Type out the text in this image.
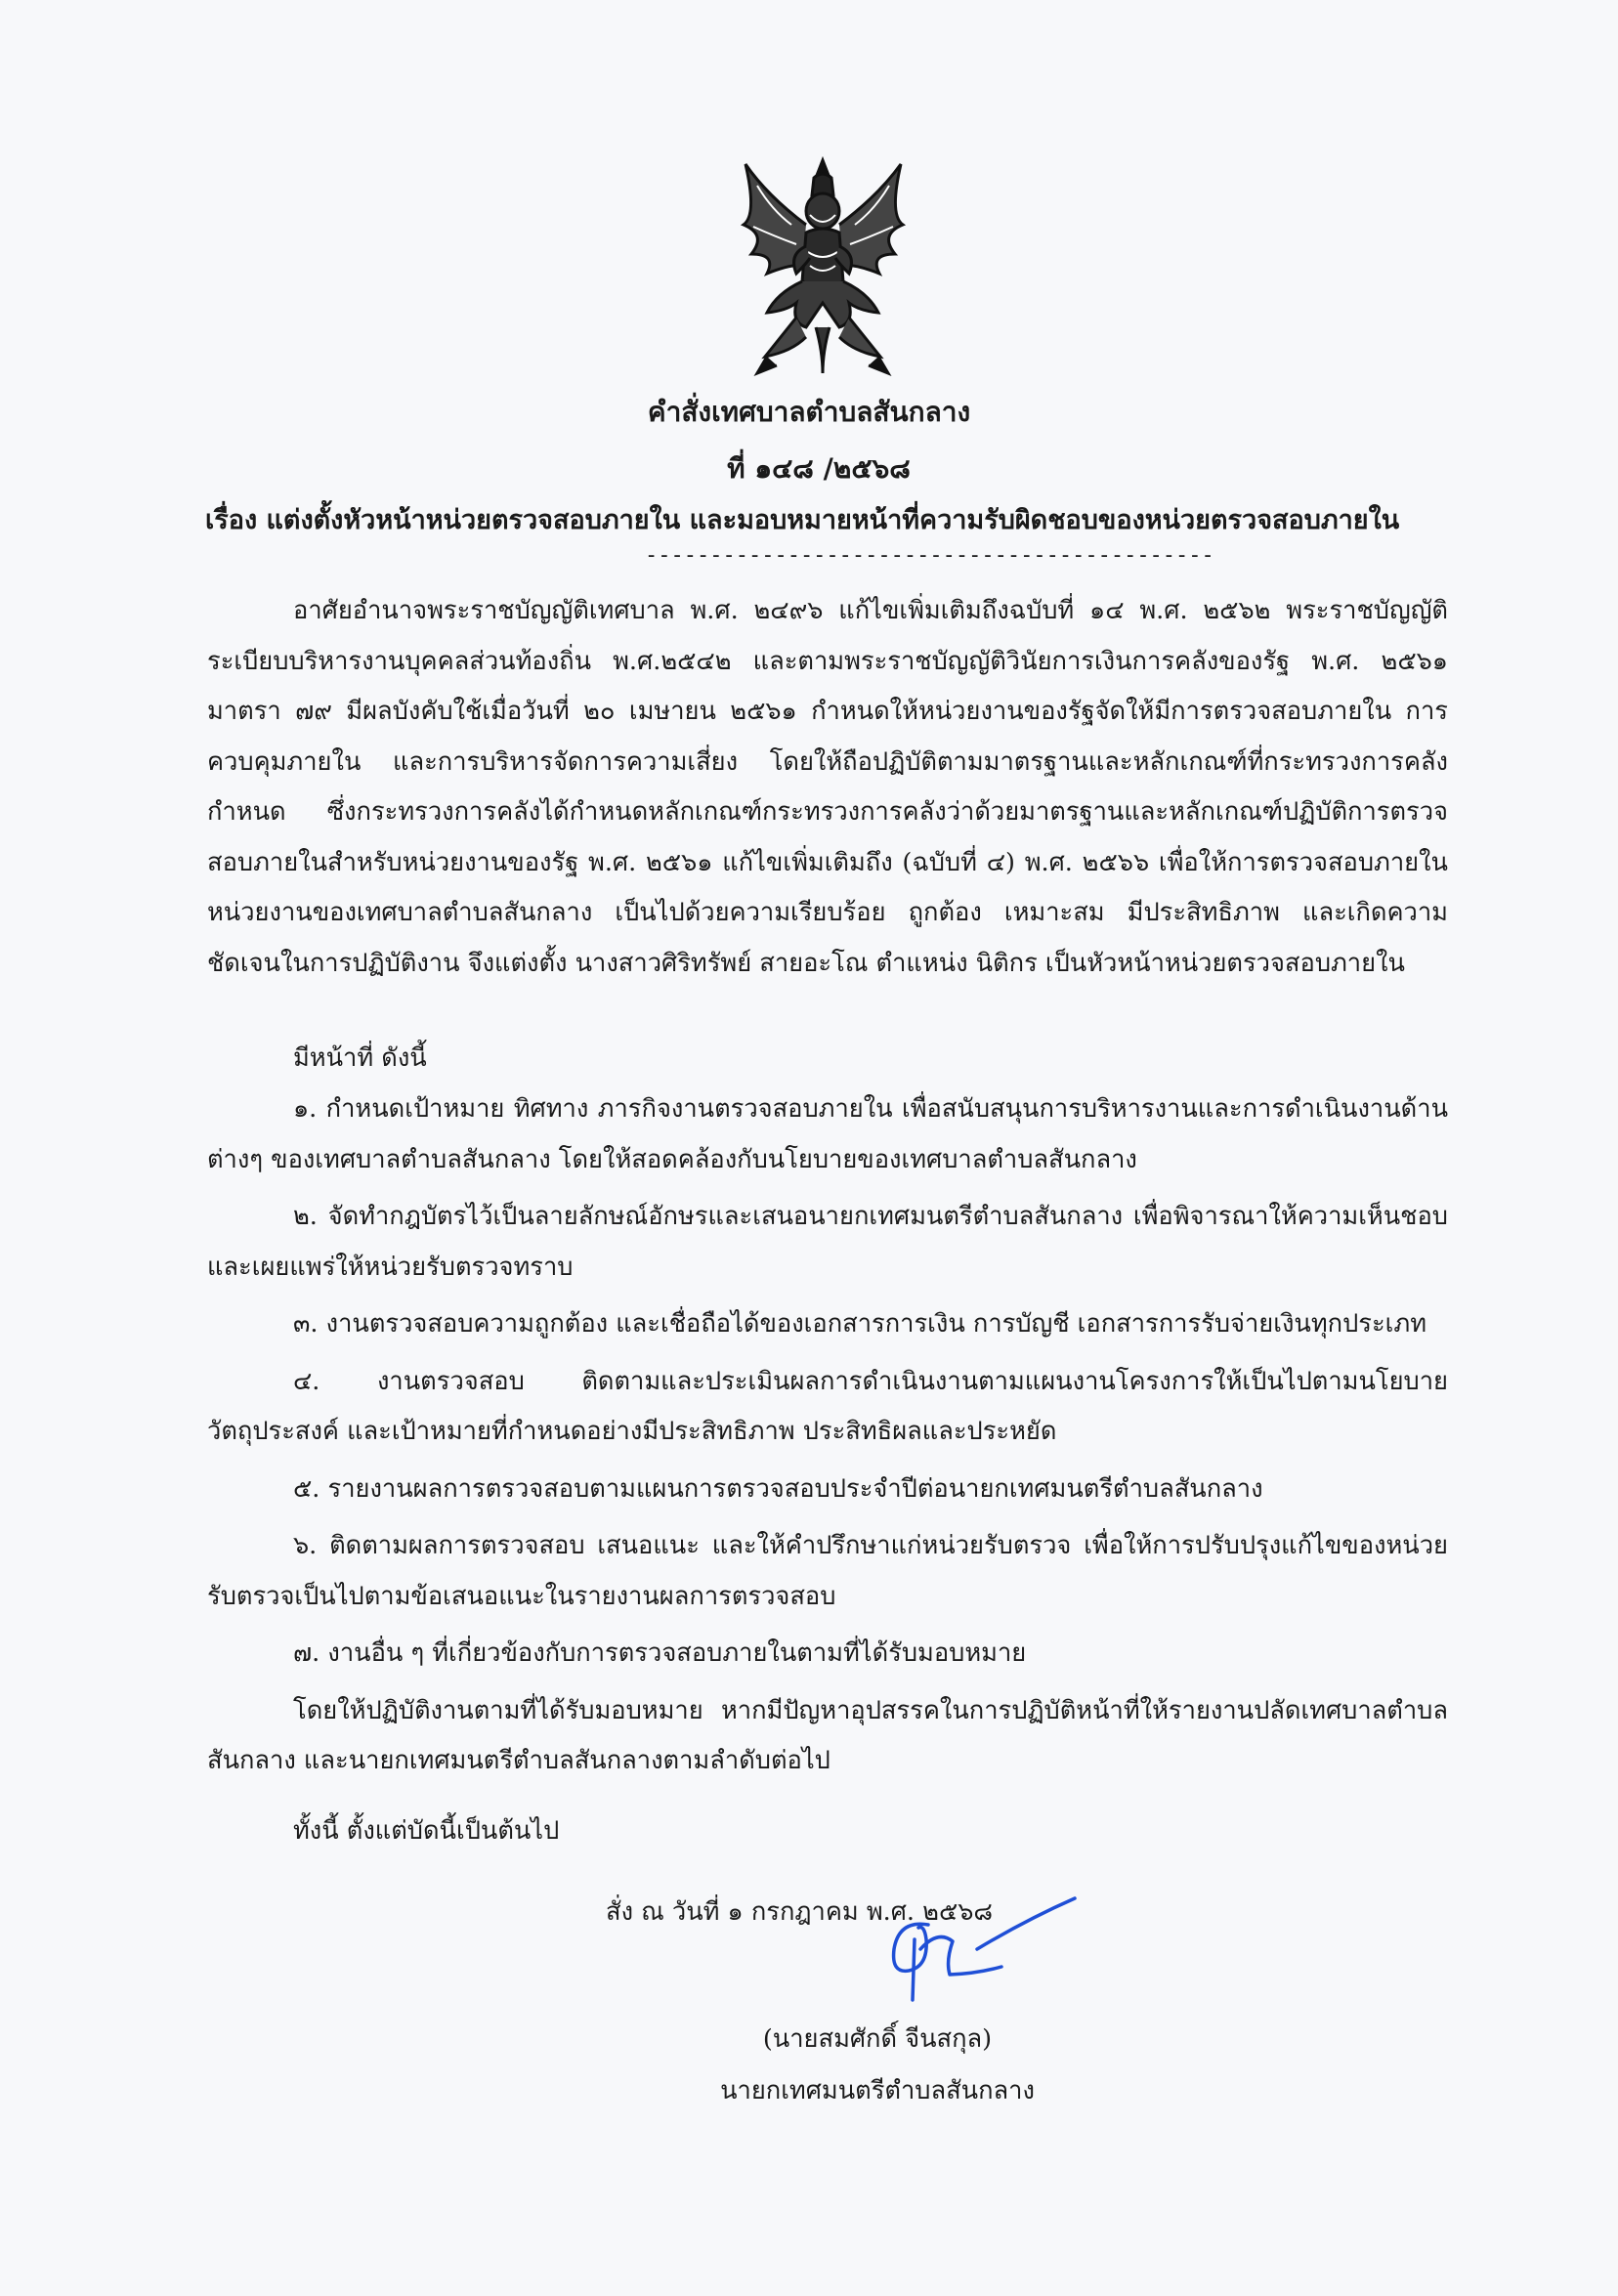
คำสั่งเทศบาลตำบลสันกลาง
ที่ ๑๔๘ /๒๕๖๘
เรื่อง แต่งตั้งหัวหน้าหน่วยตรวจสอบภายใน และมอบหมายหน้าที่ความรับผิดชอบของหน่วยตรวจสอบภายใน
--------------------------------------------

อาศัยอำนาจพระราชบัญญัติเทศบาล พ.ศ. ๒๔๙๖ แก้ไขเพิ่มเติมถึงฉบับที่ ๑๔ พ.ศ. ๒๕๖๒ พระราชบัญญัติระเบียบบริหารงานบุคคลส่วนท้องถิ่น พ.ศ.๒๕๔๒ และตามพระราชบัญญัติวินัยการเงินการคลังของรัฐ พ.ศ. ๒๕๖๑ มาตรา ๗๙ มีผลบังคับใช้เมื่อวันที่ ๒๐ เมษายน ๒๕๖๑ กำหนดให้หน่วยงานของรัฐจัดให้มีการตรวจสอบภายใน การควบคุมภายใน และการบริหารจัดการความเสี่ยง โดยให้ถือปฏิบัติตามมาตรฐานและหลักเกณฑ์ที่กระทรวงการคลังกำหนด ซึ่งกระทรวงการคลังได้กำหนดหลักเกณฑ์กระทรวงการคลังว่าด้วยมาตรฐานและหลักเกณฑ์ปฏิบัติการตรวจสอบภายในสำหรับหน่วยงานของรัฐ พ.ศ. ๒๕๖๑ แก้ไขเพิ่มเติมถึง (ฉบับที่ ๔) พ.ศ. ๒๕๖๖ เพื่อให้การตรวจสอบภายในหน่วยงานของเทศบาลตำบลสันกลาง เป็นไปด้วยความเรียบร้อย ถูกต้อง เหมาะสม มีประสิทธิภาพ และเกิดความชัดเจนในการปฏิบัติงาน จึงแต่งตั้ง นางสาวศิริทรัพย์ สายอะโณ ตำแหน่ง นิติกร เป็นหัวหน้าหน่วยตรวจสอบภายใน

มีหน้าที่ ดังนี้

๑. กำหนดเป้าหมาย ทิศทาง ภารกิจงานตรวจสอบภายใน เพื่อสนับสนุนการบริหารงานและการดำเนินงานด้านต่างๆ ของเทศบาลตำบลสันกลาง โดยให้สอดคล้องกับนโยบายของเทศบาลตำบลสันกลาง

๒. จัดทำกฎบัตรไว้เป็นลายลักษณ์อักษรและเสนอนายกเทศมนตรีตำบลสันกลาง เพื่อพิจารณาให้ความเห็นชอบและเผยแพร่ให้หน่วยรับตรวจทราบ

๓. งานตรวจสอบความถูกต้อง และเชื่อถือได้ของเอกสารการเงิน การบัญชี เอกสารการรับจ่ายเงินทุกประเภท

๔. งานตรวจสอบ ติดตามและประเมินผลการดำเนินงานตามแผนงานโครงการให้เป็นไปตามนโยบาย วัตถุประสงค์ และเป้าหมายที่กำหนดอย่างมีประสิทธิภาพ ประสิทธิผลและประหยัด

๕. รายงานผลการตรวจสอบตามแผนการตรวจสอบประจำปีต่อนายกเทศมนตรีตำบลสันกลาง

๖. ติดตามผลการตรวจสอบ เสนอแนะ และให้คำปรึกษาแก่หน่วยรับตรวจ เพื่อให้การปรับปรุงแก้ไขของหน่วยรับตรวจเป็นไปตามข้อเสนอแนะในรายงานผลการตรวจสอบ

๗. งานอื่น ๆ ที่เกี่ยวข้องกับการตรวจสอบภายในตามที่ได้รับมอบหมาย

โดยให้ปฏิบัติงานตามที่ได้รับมอบหมาย หากมีปัญหาอุปสรรคในการปฏิบัติหน้าที่ให้รายงานปลัดเทศบาลตำบลสันกลาง และนายกเทศมนตรีตำบลสันกลางตามลำดับต่อไป

ทั้งนี้ ตั้งแต่บัดนี้เป็นต้นไป
สั่ง ณ วันที่ ๑ กรกฎาคม พ.ศ. ๒๕๖๘
(นายสมศักดิ์ จีนสกุล)
นายกเทศมนตรีตำบลสันกลาง
